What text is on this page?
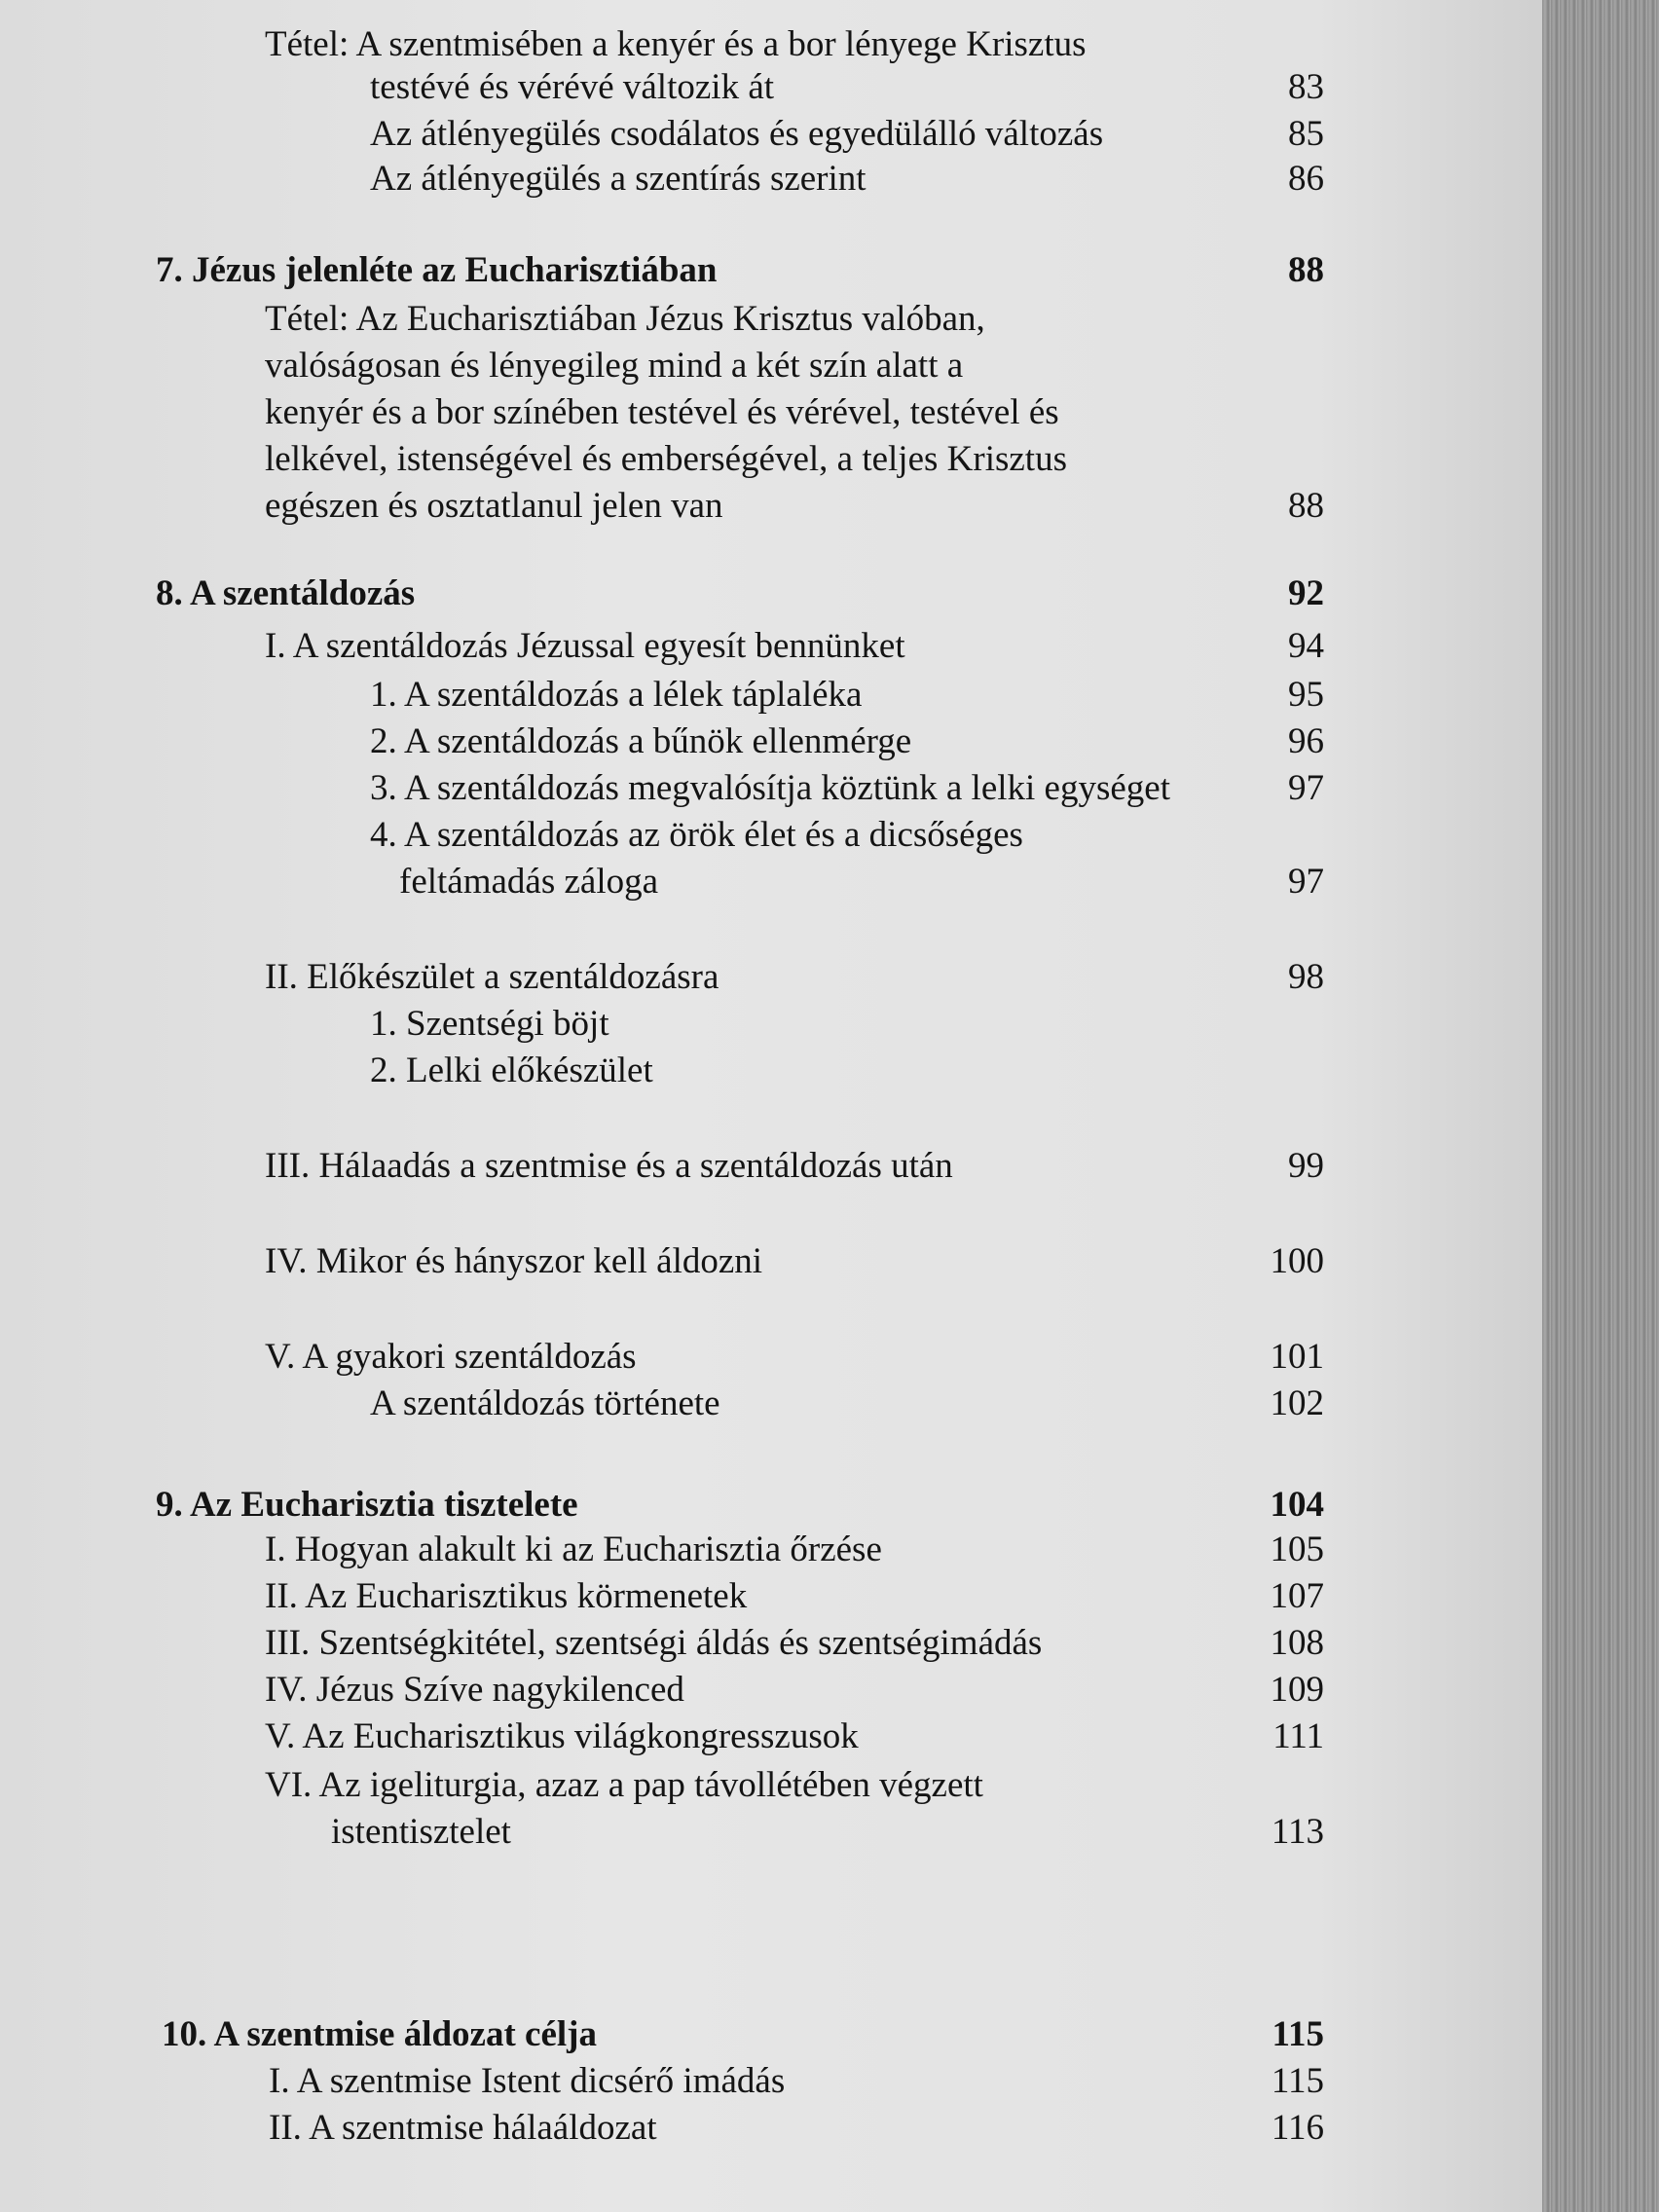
Tétel: A szentmisében a kenyér és a bor lényege Krisztus
testévé és vérévé változik át	83
Az átlényegülés csodálatos és egyedülálló változás	85
Az átlényegülés a szentírás szerint	86
7. Jézus jelenléte az Eucharisztiában	88
Tétel: Az Eucharisztiában Jézus Krisztus valóban,
valóságosan és lényegileg mind a két szín alatt a
kenyér és a bor színében testével és vérével, testével és
lelkével, istenségével és emberségével, a teljes Krisztus
egészen és osztatlanul jelen van	88
8. A szentáldozás	92
I. A szentáldozás Jézussal egyesít bennünket	94
1. A szentáldozás a lélek táplaléka	95
2. A szentáldozás a bűnök ellenmérge	96
3. A szentáldozás megvalósítja köztünk a lelki egységet	97
4. A szentáldozás az örök élet és a dicsőséges
feltámadás záloga	97
II. Előkészület a szentáldozásra	98
1. Szentségi böjt
2. Lelki előkészület
III. Hálaadás a szentmise és a szentáldozás után	99
IV. Mikor és hányszor kell áldozni	100
V. A gyakori szentáldozás	101
A szentáldozás története	102
9. Az Eucharisztia tisztelete	104
I. Hogyan alakult ki az Eucharisztia őrzése	105
II. Az Eucharisztikus körmenetek	107
III. Szentségkitétel, szentségi áldás és szentségimádás	108
IV. Jézus Szíve nagykilenced	109
V. Az Eucharisztikus világkongresszusok	111
VI. Az igeliturgia, azaz a pap távollétében végzett
istentisztelet	113
10. A szentmise áldozat célja	115
I. A szentmise Istent dicsérő imádás	115
II. A szentmise hálaáldozat	116
